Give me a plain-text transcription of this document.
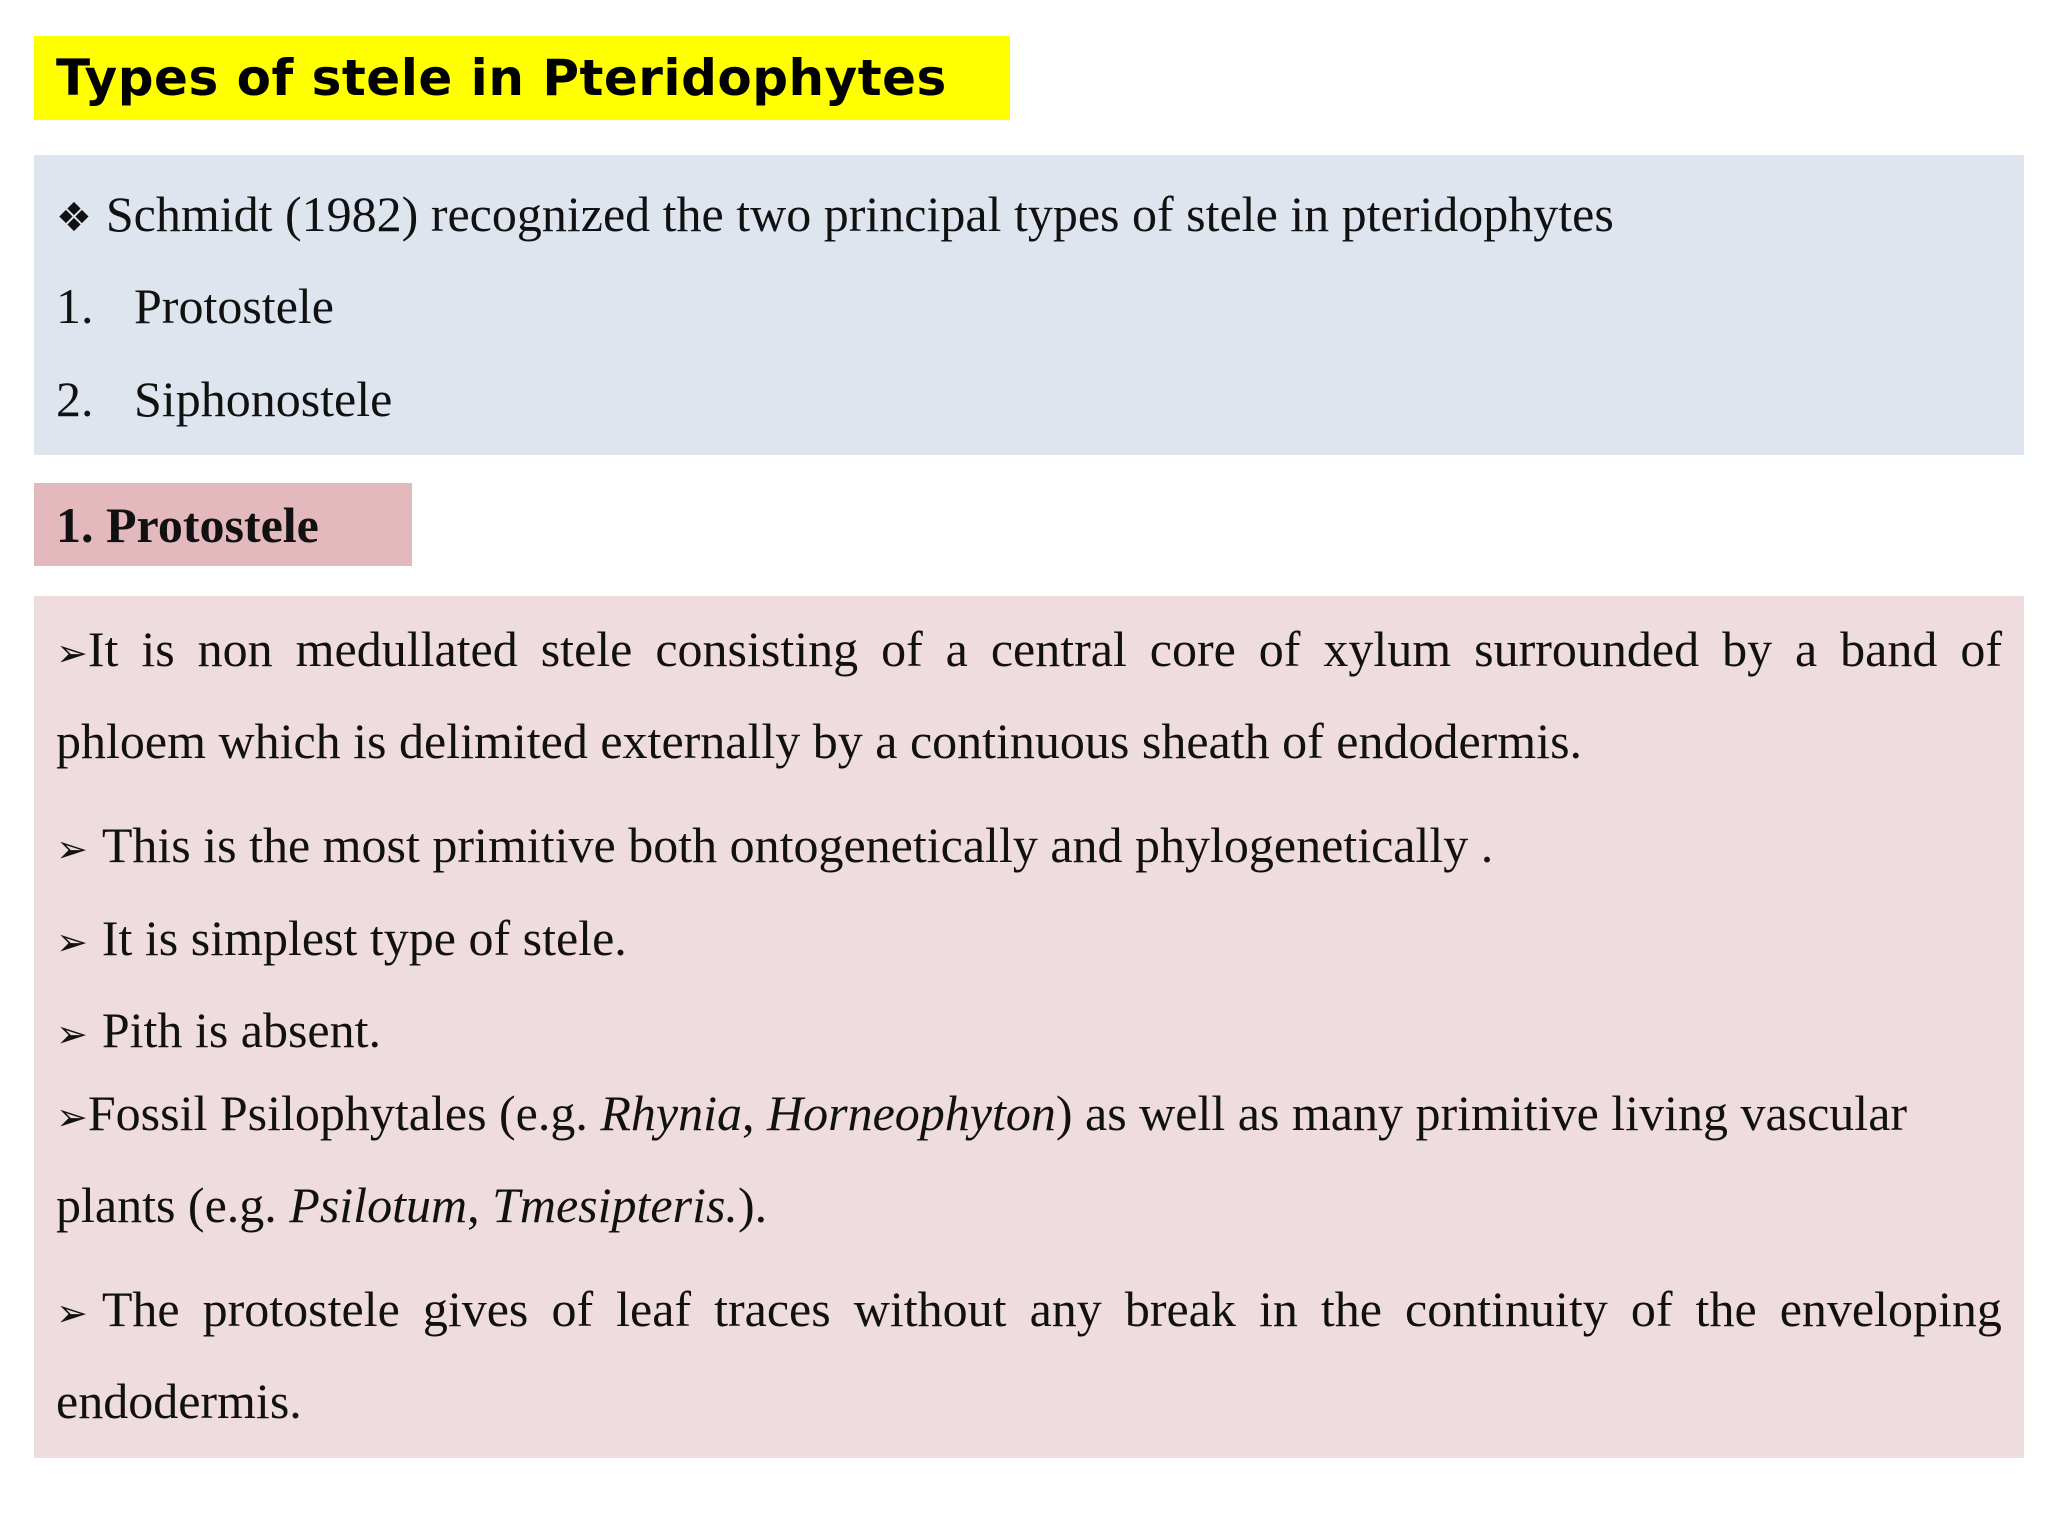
Types of stele in Pteridophytes
❖ Schmidt (1982) recognized the two principal types of stele in pteridophytes
1. Protostele
2. Siphonostele
1. Protostele
➢It is non medullated stele consisting of a central core of xylum surrounded by a band of
phloem which is delimited externally by a continuous sheath of endodermis.
➢ This is the most primitive both ontogenetically and phylogenetically .
➢ It is simplest type of stele.
➢ Pith is absent.
➢Fossil Psilophytales (e.g. Rhynia, Horneophyton) as well as many primitive living vascular
plants (e.g. Psilotum, Tmesipteris.).
➢ The protostele gives of leaf traces without any break in the continuity of the enveloping
endodermis.
